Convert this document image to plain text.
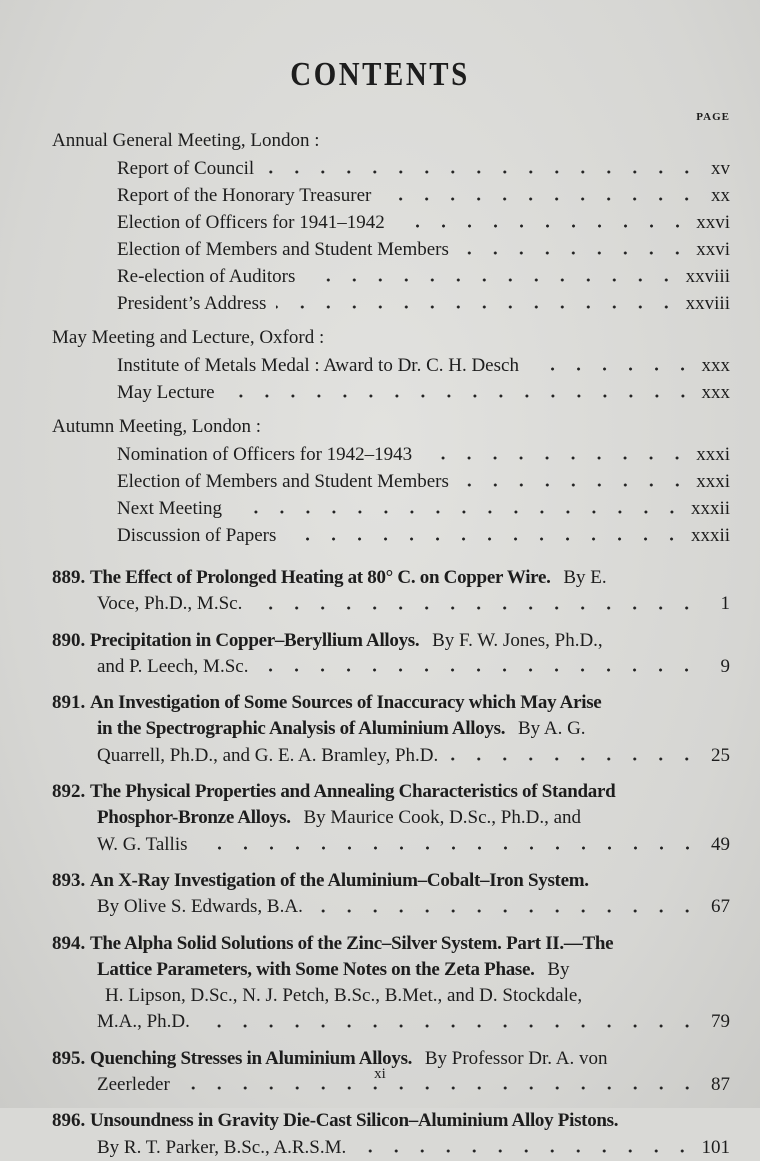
CONTENTS
PAGE
Annual General Meeting, London :
Report of Council	xv
Report of the Honorary Treasurer	xx
Election of Officers for 1941–1942	xxvi
Election of Members and Student Members	xxvi
Re-election of Auditors	xxviii
President’s Address	xxviii
May Meeting and Lecture, Oxford :
Institute of Metals Medal : Award to Dr. C. H. Desch	xxx
May Lecture	xxx
Autumn Meeting, London :
Nomination of Officers for 1942–1943	xxxi
Election of Members and Student Members	xxxi
Next Meeting	xxxii
Discussion of Papers	xxxii
889. The Effect of Prolonged Heating at 80° C. on Copper Wire. By E.
Voce, Ph.D., M.Sc.	1
890. Precipitation in Copper–Beryllium Alloys. By F. W. Jones, Ph.D.,
and P. Leech, M.Sc.	9
891. An Investigation of Some Sources of Inaccuracy which May Arise
in the Spectrographic Analysis of Aluminium Alloys. By A. G.
Quarrell, Ph.D., and G. E. A. Bramley, Ph.D.	25
892. The Physical Properties and Annealing Characteristics of Standard
Phosphor-Bronze Alloys. By Maurice Cook, D.Sc., Ph.D., and
W. G. Tallis	49
893. An X-Ray Investigation of the Aluminium–Cobalt–Iron System.
By Olive S. Edwards, B.A.	67
894. The Alpha Solid Solutions of the Zinc–Silver System. Part II.—The
Lattice Parameters, with Some Notes on the Zeta Phase. By
H. Lipson, D.Sc., N. J. Petch, B.Sc., B.Met., and D. Stockdale,
M.A., Ph.D.	79
895. Quenching Stresses in Aluminium Alloys. By Professor Dr. A. von
Zeerleder	87
896. Unsoundness in Gravity Die-Cast Silicon–Aluminium Alloy Pistons.
By R. T. Parker, B.Sc., A.R.S.M.	101
xi
